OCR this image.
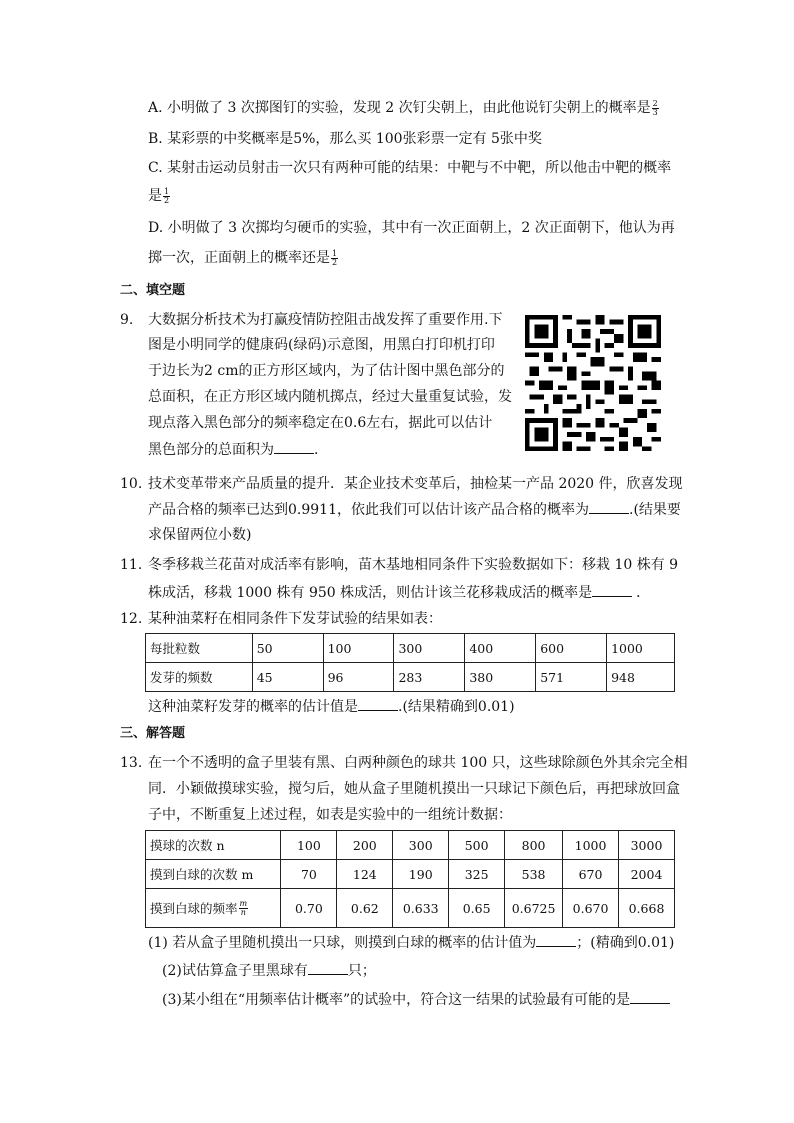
A. 小明做了 3 次掷图钉的实验，发现 2 次钉尖朝上，由此他说钉尖朝上的概率是 $\frac{2}{3}$
B. 某彩票的中奖概率是5%，那么买 100张彩票一定有 5张中奖
C. 某射击运动员射击一次只有两种可能的结果：中靶与不中靶，所以他击中靶的概率
是 $\frac{1}{2}$
D. 小明做了 3 次掷均匀硬币的实验，其中有一次正面朝上，2 次正面朝下，他认为再
掷一次，正面朝上的概率还是 $\frac{1}{2}$
二、填空题
9. 大数据分析技术为打赢疫情防控阻击战发挥了重要作用.下
图是小明同学的健康码(绿码)示意图，用黑白打印机打印
于边长为2 cm的正方形区域内，为了估计图中黑色部分的
总面积，在正方形区域内随机掷点，经过大量重复试验，发
现点落入黑色部分的频率稳定在0.6左右，据此可以估计
黑色部分的总面积为	.
10. 技术变革带来产品质量的提升．某企业技术变革后，抽检某一产品 2020 件，欣喜发现
产品合格的频率已达到0.9911，依此我们可以估计该产品合格的概率为	.(结果要
求保留两位小数)
11. 冬季移栽兰花苗对成活率有影响，苗木基地相同条件下实验数据如下：移栽 10 株有 9
株成活，移栽 1000 株有 950 株成活，则估计该兰花移栽成活的概率是	．
12. 某种油菜籽在相同条件下发芽试验的结果如表：
每批粒数	50	100	300	400	600	1000
发芽的频数	45	96	283	380	571	948
这种油菜籽发芽的概率的估计值是	.(结果精确到0.01)
三、解答题
13. 在一个不透明的盒子里装有黑、白两种颜色的球共 100 只，这些球除颜色外其余完全相
同．小颖做摸球实验，搅匀后，她从盒子里随机摸出一只球记下颜色后，再把球放回盒
子中，不断重复上述过程，如表是实验中的一组统计数据：
摸球的次数 n	100	200	300	500	800	1000	3000
摸到白球的次数 m	70	124	190	325	538	670	2004
摸到白球的频率 $\frac{m}{n}$	0.70	0.62	0.633	0.65	0.6725	0.670	0.668
(1) 若从盒子里随机摸出一只球，则摸到白球的概率的估计值为	；(精确到0.01)
(2)试估算盒子里黑球有	只；
(3)某小组在“用频率估计概率”的试验中，符合这一结果的试验最有可能的是
